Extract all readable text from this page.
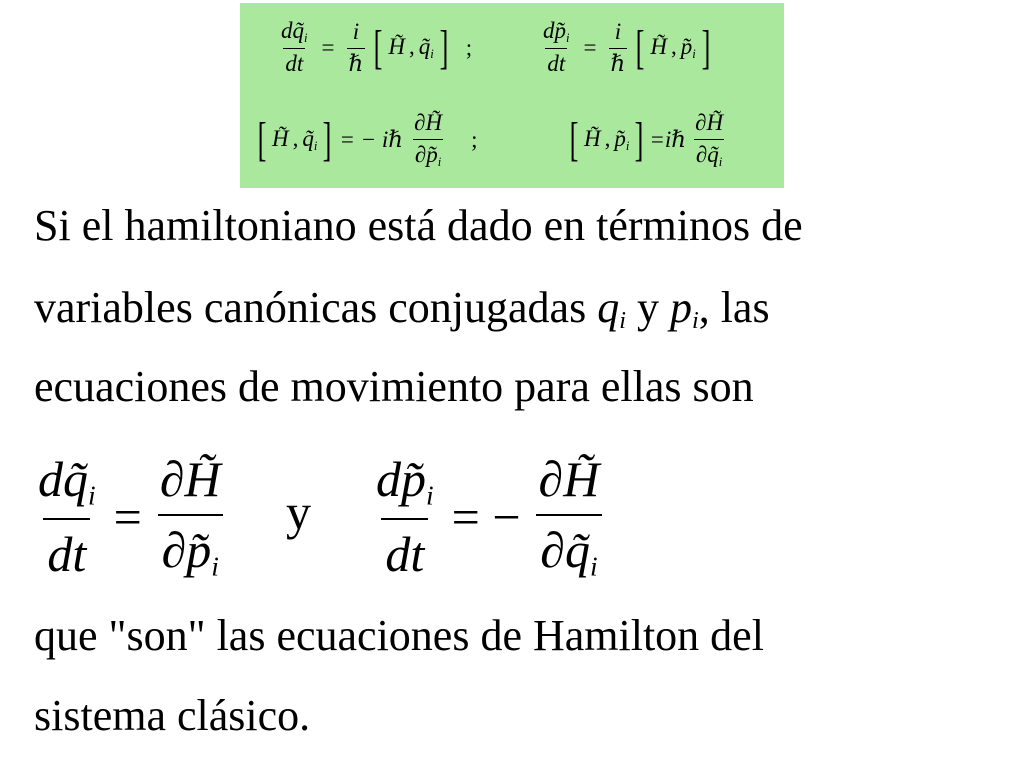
$\frac{dq̃_i}{dt} = \frac{i}{\text{ℏ}}$ [ H̃ , $q̃_i$ ] ;	$\frac{dp̃_i}{dt} = \frac{i}{\text{ℏ}}$ [ H̃ , $p̃_i$ ]
[ H̃ , $q̃_i$ ] = − iℏ $\frac{\partial H̃}{\partial p̃_i}$ ; [ H̃ , $p̃_i$ ] =iℏ $\frac{\partial H̃}{\partial q̃_i}$
Si el hamiltoniano está dado en términos de
variables canónicas conjugadas $q_i$ y $p_i$, las
ecuaciones de movimiento para ellas son
$\frac{dq̃_i}{dt} = \frac{\partial H̃}{\partial p̃_i}$ y $\frac{dp̃_i}{dt}$ = − $\frac{\partial H̃}{\partial q̃_i}$
que "son" las ecuaciones de Hamilton del
sistema clásico.
